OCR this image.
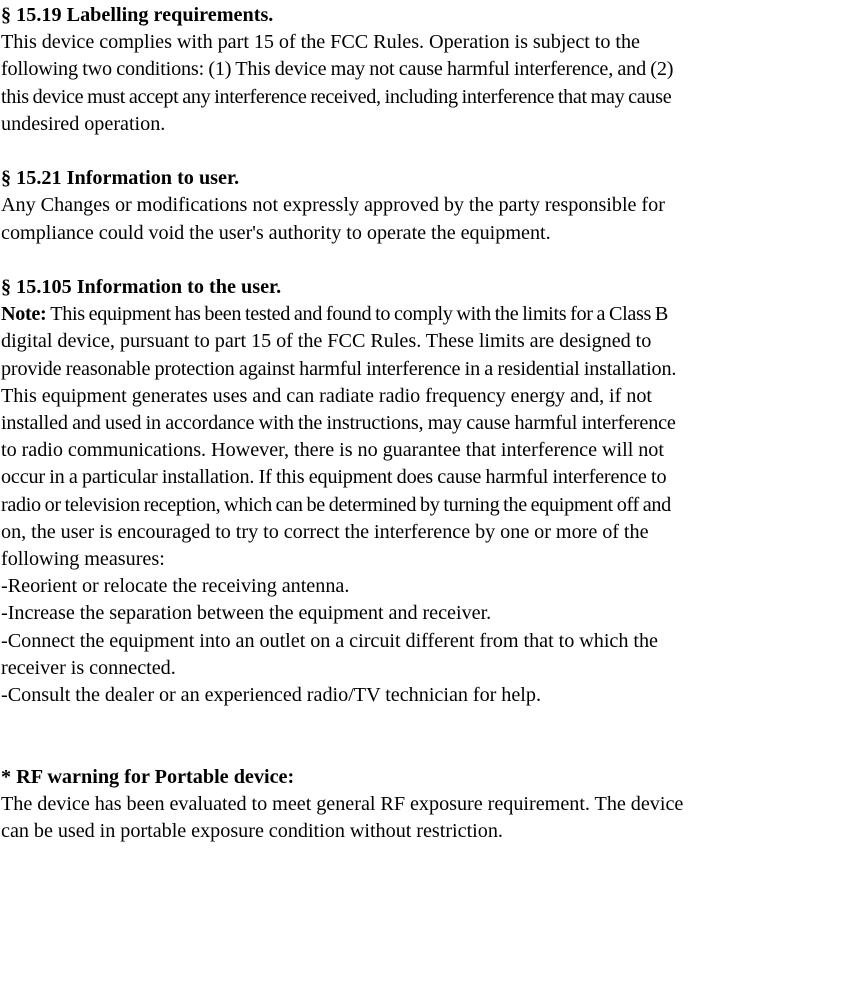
§ 15.19 Labelling requirements.
This device complies with part 15 of the FCC Rules. Operation is subject to the
following two conditions: (1) This device may not cause harmful interference, and (2)
this device must accept any interference received, including interference that may cause
undesired operation.
§ 15.21 Information to user.
Any Changes or modifications not expressly approved by the party responsible for
compliance could void the user's authority to operate the equipment.
§ 15.105 Information to the user.
Note: This equipment has been tested and found to comply with the limits for a Class B
digital device, pursuant to part 15 of the FCC Rules. These limits are designed to
provide reasonable protection against harmful interference in a residential installation.
This equipment generates uses and can radiate radio frequency energy and, if not
installed and used in accordance with the instructions, may cause harmful interference
to radio communications. However, there is no guarantee that interference will not
occur in a particular installation. If this equipment does cause harmful interference to
radio or television reception, which can be determined by turning the equipment off and
on, the user is encouraged to try to correct the interference by one or more of the
following measures:
-Reorient or relocate the receiving antenna.
-Increase the separation between the equipment and receiver.
-Connect the equipment into an outlet on a circuit different from that to which the
receiver is connected.
-Consult the dealer or an experienced radio/TV technician for help.
* RF warning for Portable device:
The device has been evaluated to meet general RF exposure requirement. The device
can be used in portable exposure condition without restriction.
